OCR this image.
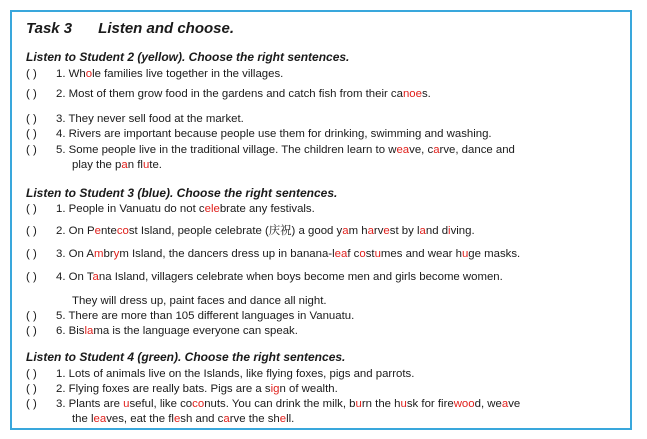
Task 3 Listen and choose.
Listen to Student 2 (yellow). Choose the right sentences.
( ) 1. Whole families live together in the villages.
( ) 2. Most of them grow food in the gardens and catch fish from their canoes.
( ) 3. They never sell food at the market.
( ) 4. Rivers are important because people use them for drinking, swimming and washing.
( ) 5. Some people live in the traditional village. The children learn to weave, carve, dance and
play the pan flute.
Listen to Student 3 (blue). Choose the right sentences.
( ) 1. People in Vanuatu do not celebrate any festivals.
( ) 2. On Pentecost Island, people celebrate (庆祝) a good yam harvest by land diving.
( ) 3. On Ambrym Island, the dancers dress up in banana-leaf costumes and wear huge masks.
( ) 4. On Tana Island, villagers celebrate when boys become men and girls become women.
They will dress up, paint faces and dance all night.
( ) 5. There are more than 105 different languages in Vanuatu.
( ) 6. Bislama is the language everyone can speak.
Listen to Student 4 (green). Choose the right sentences.
( ) 1. Lots of animals live on the Islands, like flying foxes, pigs and parrots.
( ) 2. Flying foxes are really bats. Pigs are a sign of wealth.
( ) 3. Plants are useful, like coconuts. You can drink the milk, burn the husk for firewood, weave
the leaves, eat the flesh and carve the shell.
